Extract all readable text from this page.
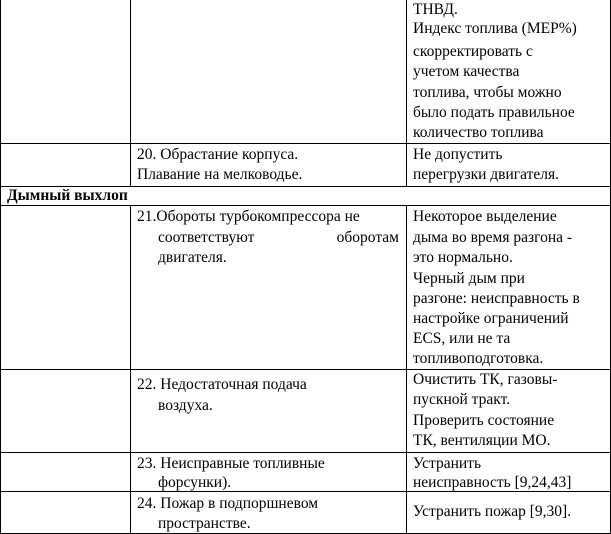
ТНВД.
Индекс топлива (MEP%)
скорректировать с
учетом качества
топлива, чтобы можно
было подать правильное
количество топлива
20. Обрастание корпуса.
Плавание на мелководье.
Не допустить
перегрузки двигателя.
Дымный выхлоп
21.Обороты турбокомпрессора не
соответствуют	оборотам
двигателя.
Некоторое выделение
дыма во время разгона -
это нормально.
Черный дым при
разгоне: неисправность в
настройке ограничений
ECS, или не та
топливоподготовка.
22. Недостаточная подача
воздуха.
Очистить ТК, газовы-
пускной тракт.
Проверить состояние
ТК, вентиляции МО.
23. Неисправные топливные
форсунки).
Устранить
неисправность [9,24,43]
24. Пожар в подпоршневом
пространстве.
Устранить пожар [9,30].
